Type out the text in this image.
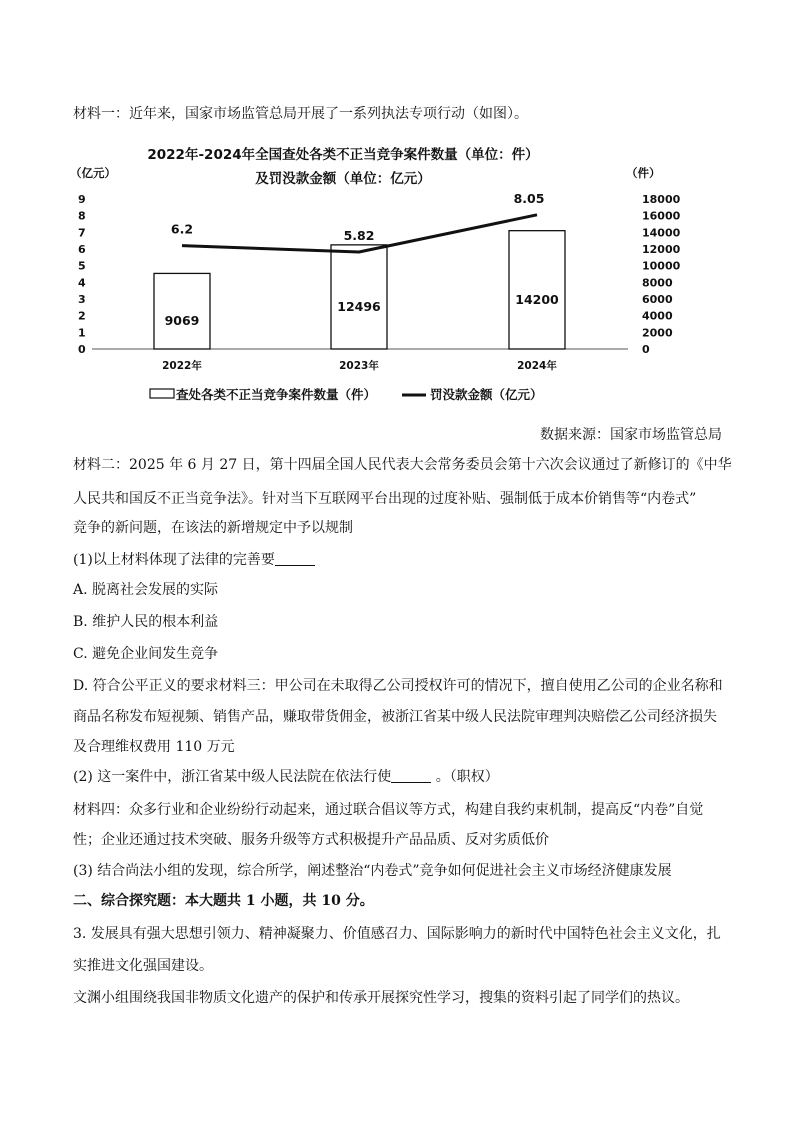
材料一：近年来，国家市场监管总局开展了一系列执法专项行动（如图）。
2022年-2024年全国查处各类不正当竞争案件数量（单位：件）
及罚没款金额（单位：亿元）
（亿元）	（件）
0
1
2
3
4
5
6
7
8
9
0
2000
4000
6000
8000
10000
12000
14000
16000
18000
9069
12496	14200
2022年	2023年	2024年
6.2	5.82
8.05
查处各类不正当竞争案件数量（件）	罚没款金额（亿元）
数据来源：国家市场监管总局
材料二：2025 年 6 月 27 日，第十四届全国人民代表大会常务委员会第十六次会议通过了新修订的《中华
人民共和国反不正当竞争法》。针对当下互联网平台出现的过度补贴、强制低于成本价销售等“内卷式”
竞争的新问题，在该法的新增规定中予以规制
(1)以上材料体现了法律的完善要
A. 脱离社会发展的实际
B. 维护人民的根本利益
C. 避免企业间发生竞争
D. 符合公平正义的要求材料三：甲公司在未取得乙公司授权许可的情况下，擅自使用乙公司的企业名称和
商品名称发布短视频、销售产品，赚取带货佣金，被浙江省某中级人民法院审理判决赔偿乙公司经济损失
及合理维权费用 110 万元
(2) 这一案件中，浙江省某中级人民法院在依法行使	。（职权）
材料四：众多行业和企业纷纷行动起来，通过联合倡议等方式，构建自我约束机制，提高反“内卷”自觉
性；企业还通过技术突破、服务升级等方式积极提升产品品质、反对劣质低价
(3) 结合尚法小组的发现，综合所学，阐述整治“内卷式”竞争如何促进社会主义市场经济健康发展
二、综合探究题：本大题共 1 小题，共 10 分。
3. 发展具有强大思想引领力、精神凝聚力、价值感召力、国际影响力的新时代中国特色社会主义文化，扎
实推进文化强国建设。
文渊小组围绕我国非物质文化遗产的保护和传承开展探究性学习，搜集的资料引起了同学们的热议。
